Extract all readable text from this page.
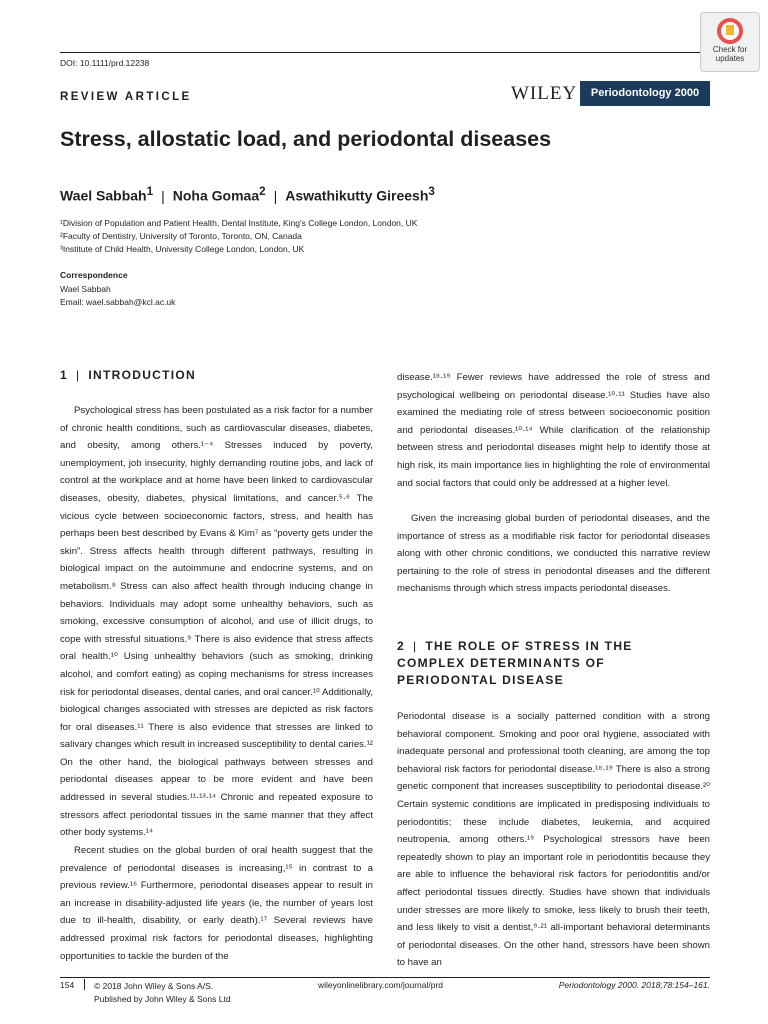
DOI: 10.1111/prd.12238
Check for updates
REVIEW ARTICLE	WILEY	Periodontology 2000
Stress, allostatic load, and periodontal diseases
Wael Sabbah$^1$ | Noha Gomaa$^2$ | Aswathikutty Gireesh$^3$
¹Division of Population and Patient Health, Dental Institute, King's College London, London, UK
²Faculty of Dentistry, University of Toronto, Toronto, ON, Canada
³Institute of Child Health, University College London, London, UK
Correspondence
Wael Sabbah
Email: wael.sabbah@kcl.ac.uk
1 | INTRODUCTION
Psychological stress has been postulated as a risk factor for a number of chronic health conditions, such as cardiovascular diseases, diabetes, and obesity, among others.¹⁻⁴ Stresses induced by poverty, unemployment, job insecurity, highly demanding routine jobs, and lack of control at the workplace and at home have been linked to cardiovascular diseases, obesity, diabetes, physical limitations, and cancer.⁵·⁶ The vicious cycle between socioeconomic factors, stress, and health has perhaps been best described by Evans & Kim⁷ as “poverty gets under the skin”. Stress affects health through different pathways, resulting in biological impact on the autoimmune and endocrine systems, and on metabolism.⁸ Stress can also affect health through inducing change in behaviors. Individuals may adopt some unhealthy behaviors, such as smoking, excessive consumption of alcohol, and use of illicit drugs, to cope with stressful situations.⁹ There is also evidence that stress affects oral health.¹⁰ Using unhealthy behaviors (such as smoking, drinking alcohol, and comfort eating) as coping mechanisms for stress increases risk for periodontal diseases, dental caries, and oral cancer.¹⁰ Additionally, biological changes associated with stresses are depicted as risk factors for oral diseases.¹¹ There is also evidence that stresses are linked to salivary changes which result in increased susceptibility to dental caries.¹² On the other hand, the biological pathways between stresses and periodontal diseases appear to be more evident and have been addressed in several studies.¹¹·¹³·¹⁴ Chronic and repeated exposure to stressors affect periodontal tissues in the same manner that they affect other body systems.¹⁴
Recent studies on the global burden of oral health suggest that the prevalence of periodontal diseases is increasing,¹⁵ in contrast to a previous review.¹⁶ Furthermore, periodontal diseases appear to result in an increase in disability-adjusted life years (ie, the number of years lost due to ill-health, disability, or early death).¹⁷ Several reviews have addressed proximal risk factors for periodontal diseases, highlighting opportunities to tackle the burden of the
disease.¹⁸·¹⁹ Fewer reviews have addressed the role of stress and psychological wellbeing on periodontal disease.¹⁰·¹¹ Studies have also examined the mediating role of stress between socioeconomic position and periodontal diseases.¹⁰·¹⁴ While clarification of the relationship between stress and periodontal diseases might help to identify those at high risk, its main importance lies in highlighting the role of environmental and social factors that could only be addressed at a higher level.
Given the increasing global burden of periodontal diseases, and the importance of stress as a modifiable risk factor for periodontal diseases along with other chronic conditions, we conducted this narrative review pertaining to the role of stress in periodontal diseases and the different mechanisms through which stress impacts periodontal diseases.
2 | THE ROLE OF STRESS IN THE
COMPLEX DETERMINANTS OF
PERIODONTAL DISEASE
Periodontal disease is a socially patterned condition with a strong behavioral component. Smoking and poor oral hygiene, associated with inadequate personal and professional tooth cleaning, are among the top behavioral risk factors for periodontal disease.¹⁸·¹⁹ There is also a strong genetic component that increases susceptibility to periodontal disease.²⁰ Certain systemic conditions are implicated in predisposing individuals to periodontitis; these include diabetes, leukemia, and acquired neutropenia, among others.¹⁹ Psychological stressors have been repeatedly shown to play an important role in periodontitis because they are able to influence the behavioral risk factors for periodontitis and/or affect periodontal tissues directly. Studies have shown that individuals under stresses are more likely to smoke, less likely to brush their teeth, and less likely to visit a dentist,⁹·²¹ all-important behavioral determinants of periodontal diseases. On the other hand, stressors have been shown to have an
154 © 2018 John Wiley & Sons A/S.
Published by John Wiley & Sons Ltd
wileyonlinelibrary.com/journal/prd	Periodontology 2000. 2018;78:154–161.
